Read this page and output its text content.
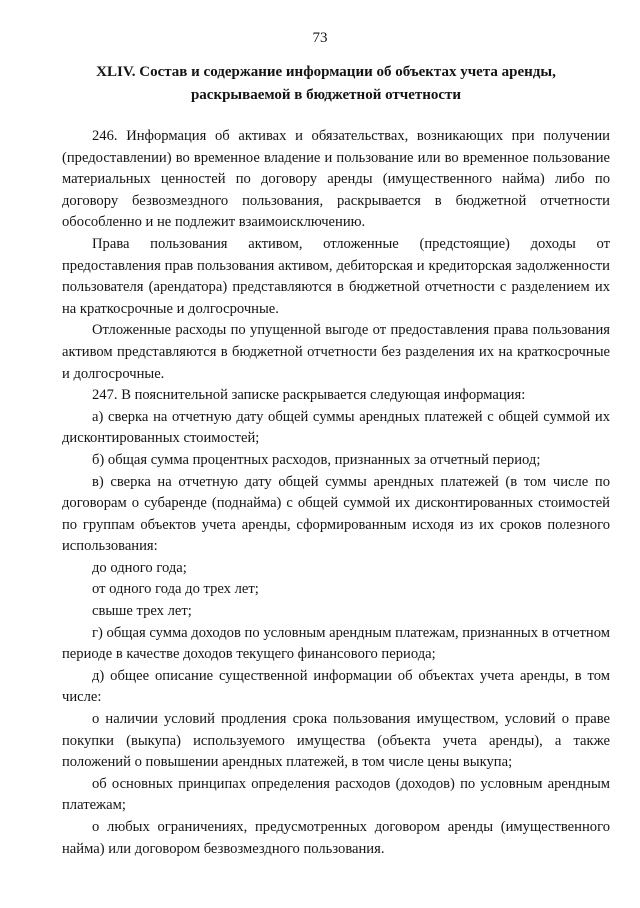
73
XLIV. Состав и содержание информации об объектах учета аренды,
раскрываемой в бюджетной отчетности

246. Информация об активах и обязательствах, возникающих при получении (предоставлении) во временное владение и пользование или во временное пользование материальных ценностей по договору аренды (имущественного найма) либо по договору безвозмездного пользования, раскрывается в бюджетной отчетности обособленно и не подлежит взаимоисключению.

Права пользования активом, отложенные (предстоящие) доходы от предоставления прав пользования активом, дебиторская и кредиторская задолженности пользователя (арендатора) представляются в бюджетной отчетности с разделением их на краткосрочные и долгосрочные.

Отложенные расходы по упущенной выгоде от предоставления права пользования активом представляются в бюджетной отчетности без разделения их на краткосрочные и долгосрочные.

247. В пояснительной записке раскрывается следующая информация:

а) сверка на отчетную дату общей суммы арендных платежей с общей суммой их дисконтированных стоимостей;

б) общая сумма процентных расходов, признанных за отчетный период;

в) сверка на отчетную дату общей суммы арендных платежей (в том числе по договорам о субаренде (поднайма) с общей суммой их дисконтированных стоимостей по группам объектов учета аренды, сформированным исходя из их сроков полезного использования:

до одного года;

от одного года до трех лет;

свыше трех лет;

г) общая сумма доходов по условным арендным платежам, признанных в отчетном периоде в качестве доходов текущего финансового периода;

д) общее описание существенной информации об объектах учета аренды, в том числе:

о наличии условий продления срока пользования имуществом, условий о праве покупки (выкупа) используемого имущества (объекта учета аренды), а также положений о повышении арендных платежей, в том числе цены выкупа;

об основных принципах определения расходов (доходов) по условным арендным платежам;

о любых ограничениях, предусмотренных договором аренды (имущественного найма) или договором безвозмездного пользования.
